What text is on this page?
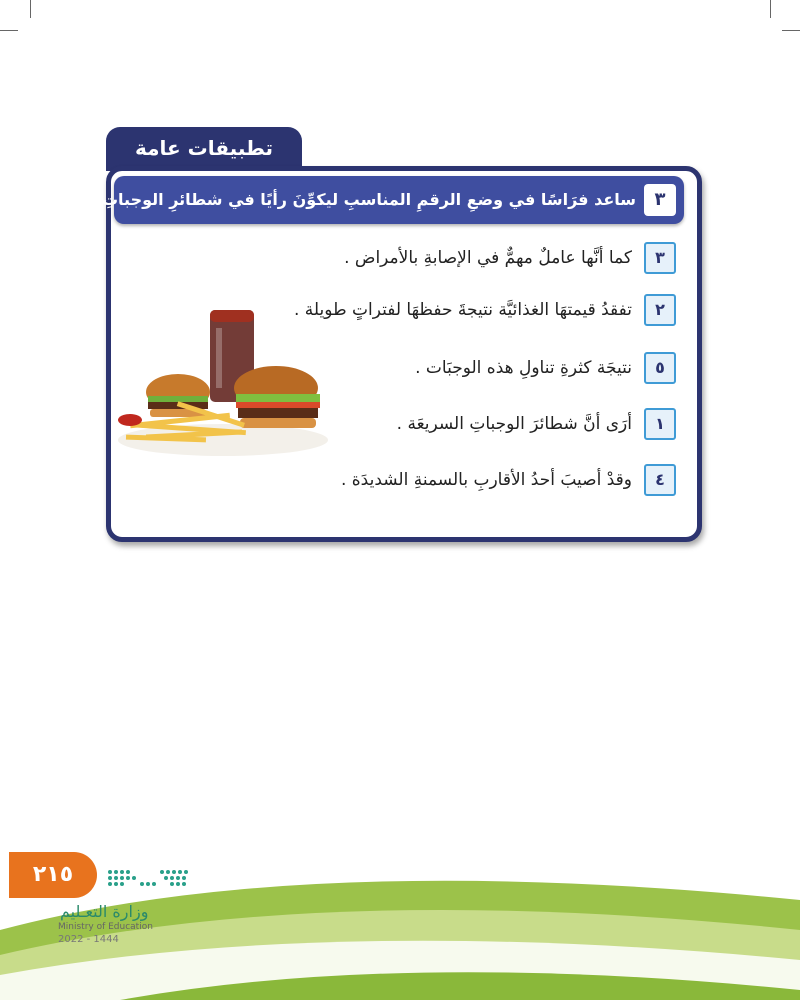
تطبيقات عامة
٣
ساعد فرَاسًا في وضعِ الرقمِ المناسبِ ليكوِّنَ رأيًا في شطائرِ الوجباتِ السريعَةِ :
٣
كما أنَّها عاملٌ مهمٌّ في الإصابةِ بالأمراض .
٢
تفقدُ قيمتهَا الغذائيَّة نتيجةَ حفظهَا لفتراتٍ طويلة .
٥
نتيجَة كثرةِ تناولِ هذه الوجبَات .
١
أرَى أنَّ شطائرَ الوجباتِ السريعَة .
٤
وقدْ أصيبَ أحدُ الأقاربِ بالسمنةِ الشديدَة .
٢١٥
وزارة التعـليم
Ministry of Education
2022 - 1444
